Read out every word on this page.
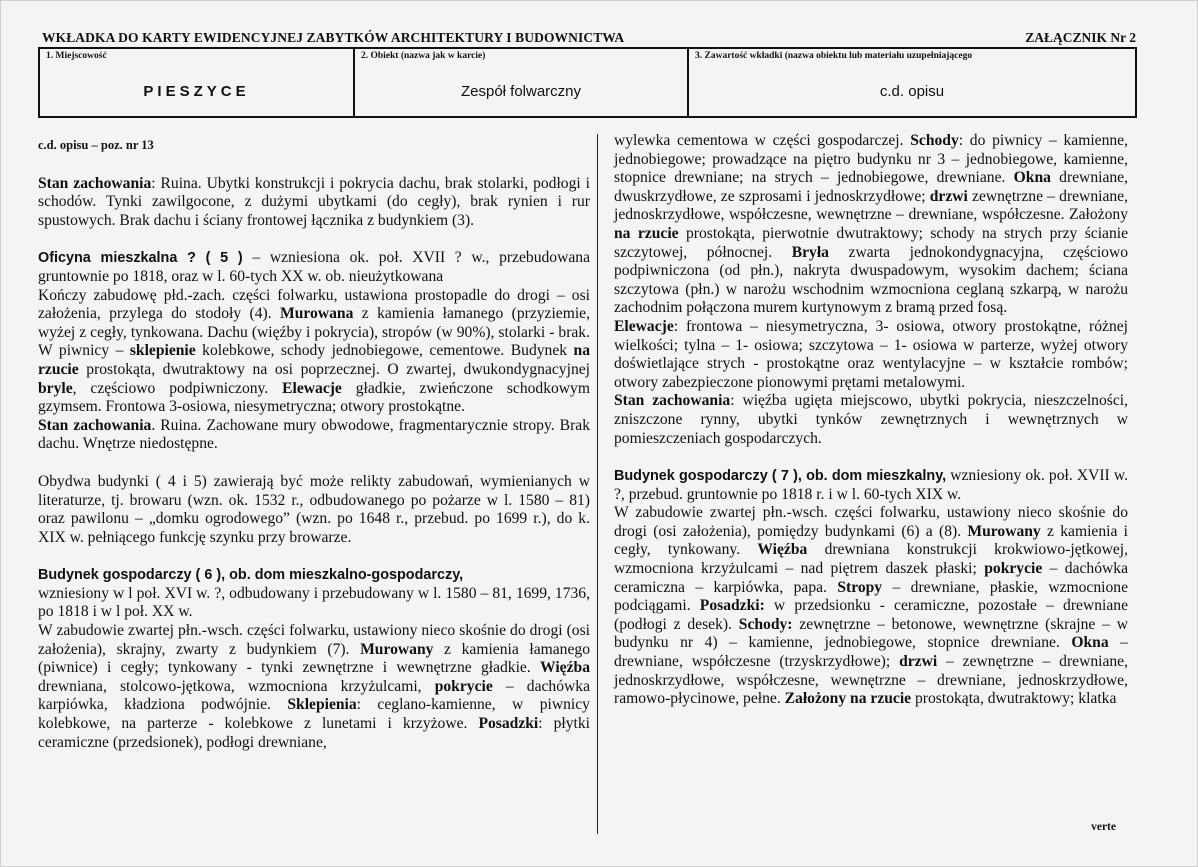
WKŁADKA DO KARTY EWIDENCYJNEJ ZABYTKÓW ARCHITEKTURY I BUDOWNICTWA	ZAŁĄCZNIK Nr 2
1. Miejscowość
PIESZYCE
2. Obiekt (nazwa jak w karcie)
Zespół folwarczny
3. Zawartość wkładki (nazwa obiektu lub materiału uzupełniającego
c.d. opisu

c.d. opisu – poz. nr 13

Stan zachowania: Ruina. Ubytki konstrukcji i pokrycia dachu, brak stolarki, podłogi i schodów. Tynki zawilgocone, z dużymi ubytkami (do cegły), brak rynien i rur spustowych. Brak dachu i ściany frontowej łącznika z budynkiem (3).

Oficyna mieszkalna ? ( 5 ) – wzniesiona ok. poł. XVII ? w., przebudowana gruntownie po 1818, oraz w l. 60-tych XX w. ob. nieużytkowana
Kończy zabudowę płd.-zach. części folwarku, ustawiona prostopadle do drogi – osi założenia, przylega do stodoły (4). Murowana z kamienia łamanego (przyziemie, wyżej z cegły, tynkowana. Dachu (więźby i pokrycia), stropów (w 90%), stolarki - brak. W piwnicy – sklepienie kolebkowe, schody jednobiegowe, cementowe. Budynek na rzucie prostokąta, dwutraktowy na osi poprzecznej. O zwartej, dwukondygnacyjnej bryle, częściowo podpiwniczony. Elewacje gładkie, zwieńczone schodkowym gzymsem. Frontowa 3-osiowa, niesymetryczna; otwory prostokątne.
Stan zachowania. Ruina. Zachowane mury obwodowe, fragmentarycznie stropy. Brak dachu. Wnętrze niedostępne.

Obydwa budynki ( 4 i 5) zawierają być może relikty zabudowań, wymienianych w literaturze, tj. browaru (wzn. ok. 1532 r., odbudowanego po pożarze w l. 1580 – 81) oraz pawilonu – „domku ogrodowego” (wzn. po 1648 r., przebud. po 1699 r.), do k. XIX w. pełniącego funkcję szynku przy browarze.

Budynek gospodarczy ( 6 ), ob. dom mieszkalno-gospodarczy,
wzniesiony w l poł. XVI w. ?, odbudowany i przebudowany w l. 1580 – 81, 1699, 1736, po 1818 i w l poł. XX w.
W zabudowie zwartej płn.-wsch. części folwarku, ustawiony nieco skośnie do drogi (osi założenia), skrajny, zwarty z budynkiem (7). Murowany z kamienia łamanego (piwnice) i cegły; tynkowany - tynki zewnętrzne i wewnętrzne gładkie. Więźba drewniana, stolcowo-jętkowa, wzmocniona krzyżulcami, pokrycie – dachówka karpiówka, kładziona podwójnie. Sklepienia: ceglano-kamienne, w piwnicy kolebkowe, na parterze - kolebkowe z lunetami i krzyżowe. Posadzki: płytki ceramiczne (przedsionek), podłogi drewniane,

wylewka cementowa w części gospodarczej. Schody: do piwnicy – kamienne, jednobiegowe; prowadzące na piętro budynku nr 3 – jednobiegowe, kamienne, stopnice drewniane; na strych – jednobiegowe, drewniane. Okna drewniane, dwuskrzydłowe, ze szprosami i jednoskrzydłowe; drzwi zewnętrzne – drewniane, jednoskrzydłowe, współczesne, wewnętrzne – drewniane, współczesne. Założony na rzucie prostokąta, pierwotnie dwutraktowy; schody na strych przy ścianie szczytowej, północnej. Bryła zwarta jednokondygnacyjna, częściowo podpiwniczona (od płn.), nakryta dwuspadowym, wysokim dachem; ściana szczytowa (płn.) w narożu wschodnim wzmocniona ceglaną szkarpą, w narożu zachodnim połączona murem kurtynowym z bramą przed fosą.
Elewacje: frontowa – niesymetryczna, 3- osiowa, otwory prostokątne, różnej wielkości; tylna – 1- osiowa; szczytowa – 1- osiowa w parterze, wyżej otwory doświetlające strych - prostokątne oraz wentylacyjne – w kształcie rombów; otwory zabezpieczone pionowymi prętami metalowymi.
Stan zachowania: więźba ugięta miejscowo, ubytki pokrycia, nieszczelności, zniszczone rynny, ubytki tynków zewnętrznych i wewnętrznych w pomieszczeniach gospodarczych.

Budynek gospodarczy ( 7 ), ob. dom mieszkalny, wzniesiony ok. poł. XVII w. ?, przebud. gruntownie po 1818 r. i w l. 60-tych XIX w.
W zabudowie zwartej płn.-wsch. części folwarku, ustawiony nieco skośnie do drogi (osi założenia), pomiędzy budynkami (6) a (8). Murowany z kamienia i cegły, tynkowany. Więźba drewniana konstrukcji krokwiowo-jętkowej, wzmocniona krzyżulcami – nad piętrem daszek płaski; pokrycie – dachówka ceramiczna – karpiówka, papa. Stropy – drewniane, płaskie, wzmocnione podciągami. Posadzki: w przedsionku - ceramiczne, pozostałe – drewniane (podłogi z desek). Schody: zewnętrzne – betonowe, wewnętrzne (skrajne – w budynku nr 4) – kamienne, jednobiegowe, stopnice drewniane. Okna – drewniane, współczesne (trzyskrzydłowe); drzwi – zewnętrzne – drewniane, jednoskrzydłowe, współczesne, wewnętrzne – drewniane, jednoskrzydłowe, ramowo-płycinowe, pełne. Założony na rzucie prostokąta, dwutraktowy; klatka

verte
